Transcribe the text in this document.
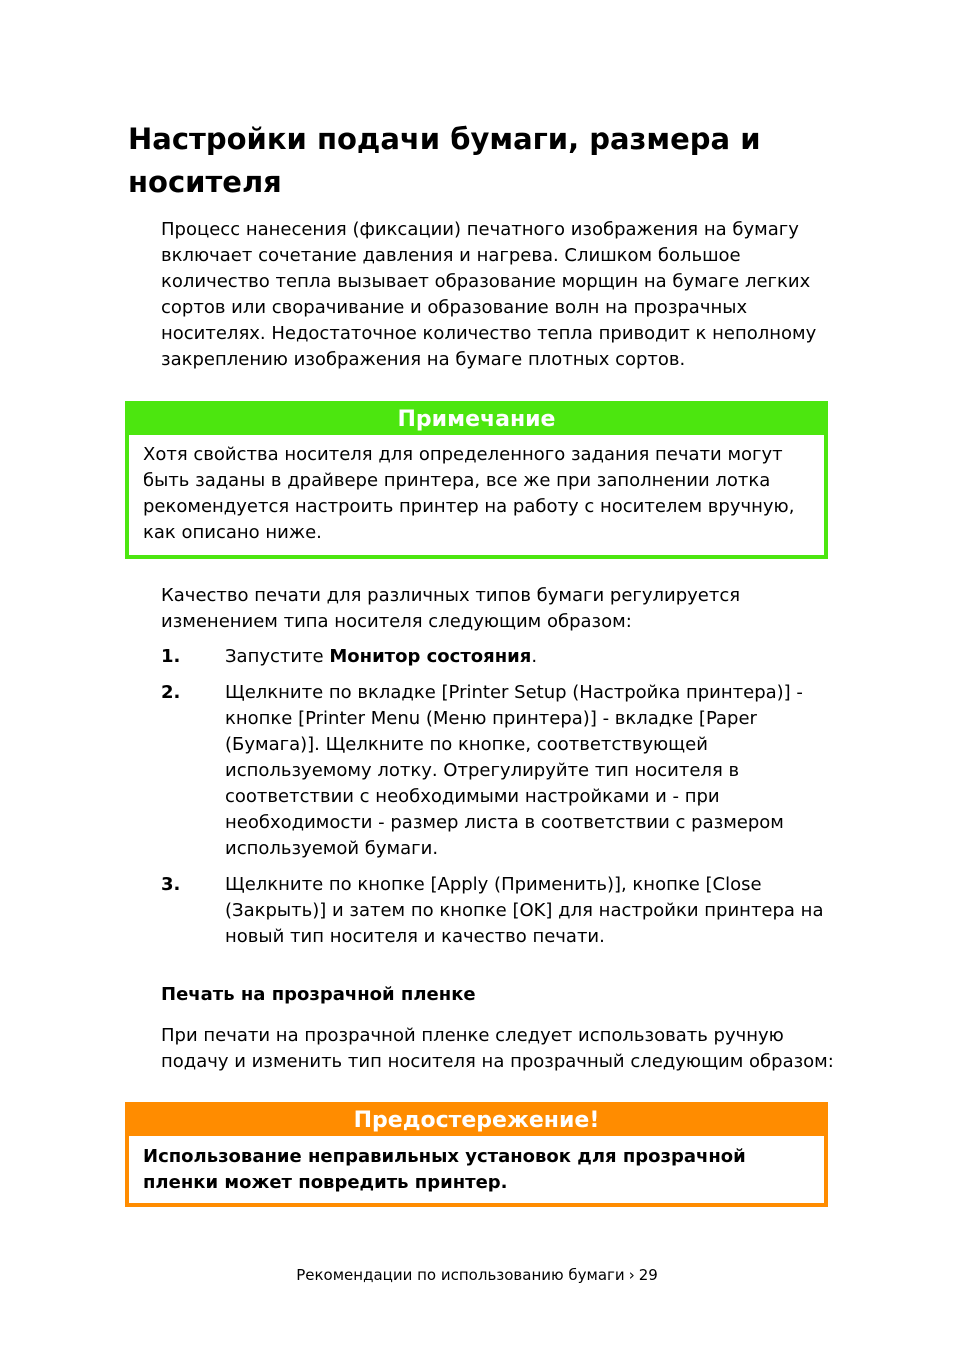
Настройки подачи бумаги, размера и носителя

Процесс нанесения (фиксации) печатного изображения на бумагу включает сочетание давления и нагрева. Слишком большое количество тепла вызывает образование морщин на бумаге легких сортов или сворачивание и образование волн на прозрачных носителях. Недостаточное количество тепла приводит к неполному закреплению изображения на бумаге плотных сортов.

Примечание

Хотя свойства носителя для определенного задания печати могут быть заданы в драйвере принтера, все же при заполнении лотка рекомендуется настроить принтер на работу с носителем вручную, как описано ниже.

Качество печати для различных типов бумаги регулируется изменением типа носителя следующим образом:

1. Запустите Монитор состояния.
2. Щелкните по вкладке [Printer Setup (Настройка принтера)] - кнопке [Printer Menu (Меню принтера)] - вкладке [Paper (Бумага)]. Щелкните по кнопке, соответствующей используемому лотку. Отрегулируйте тип носителя в соответствии с необходимыми настройками и - при необходимости - размер листа в соответствии с размером используемой бумаги.
3. Щелкните по кнопке [Apply (Применить)], кнопке [Close (Закрыть)] и затем по кнопке [OK] для настройки принтера на новый тип носителя и качество печати.
Печать на прозрачной пленке

При печати на прозрачной пленке следует использовать ручную подачу и изменить тип носителя на прозрачный следующим образом:

Предостережение!

Использование неправильных установок для прозрачной пленки может повредить принтер.

Рекомендации по использованию бумаги › 29
